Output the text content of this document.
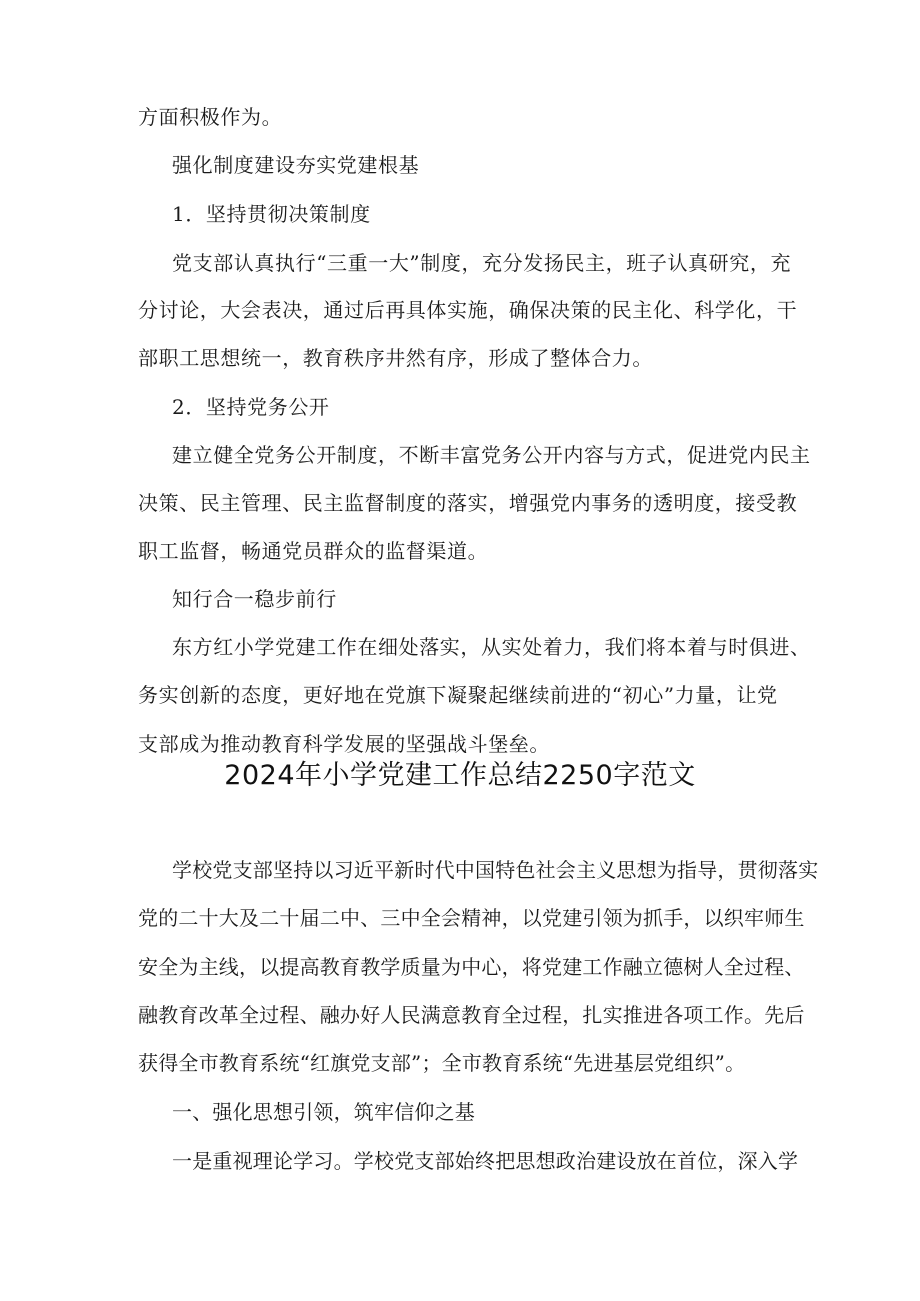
方面积极作为。
强化制度建设夯实党建根基
1．坚持贯彻决策制度
党支部认真执行“三重一大”制度，充分发扬民主，班子认真研究，充
分讨论，大会表决，通过后再具体实施，确保决策的民主化、科学化，干
部职工思想统一，教育秩序井然有序，形成了整体合力。
2．坚持党务公开
建立健全党务公开制度，不断丰富党务公开内容与方式，促进党内民主
决策、民主管理、民主监督制度的落实，增强党内事务的透明度，接受教
职工监督，畅通党员群众的监督渠道。
知行合一稳步前行
东方红小学党建工作在细处落实，从实处着力，我们将本着与时俱进、
务实创新的态度，更好地在党旗下凝聚起继续前进的“初心”力量，让党
支部成为推动教育科学发展的坚强战斗堡垒。
2024年小学党建工作总结2250字范文
学校党支部坚持以习近平新时代中国特色社会主义思想为指导，贯彻落实
党的二十大及二十届二中、三中全会精神，以党建引领为抓手，以织牢师生
安全为主线，以提高教育教学质量为中心，将党建工作融立德树人全过程、
融教育改革全过程、融办好人民满意教育全过程，扎实推进各项工作。先后
获得全市教育系统“红旗党支部”；全市教育系统“先进基层党组织”。
一、强化思想引领，筑牢信仰之基
一是重视理论学习。学校党支部始终把思想政治建设放在首位，深入学
